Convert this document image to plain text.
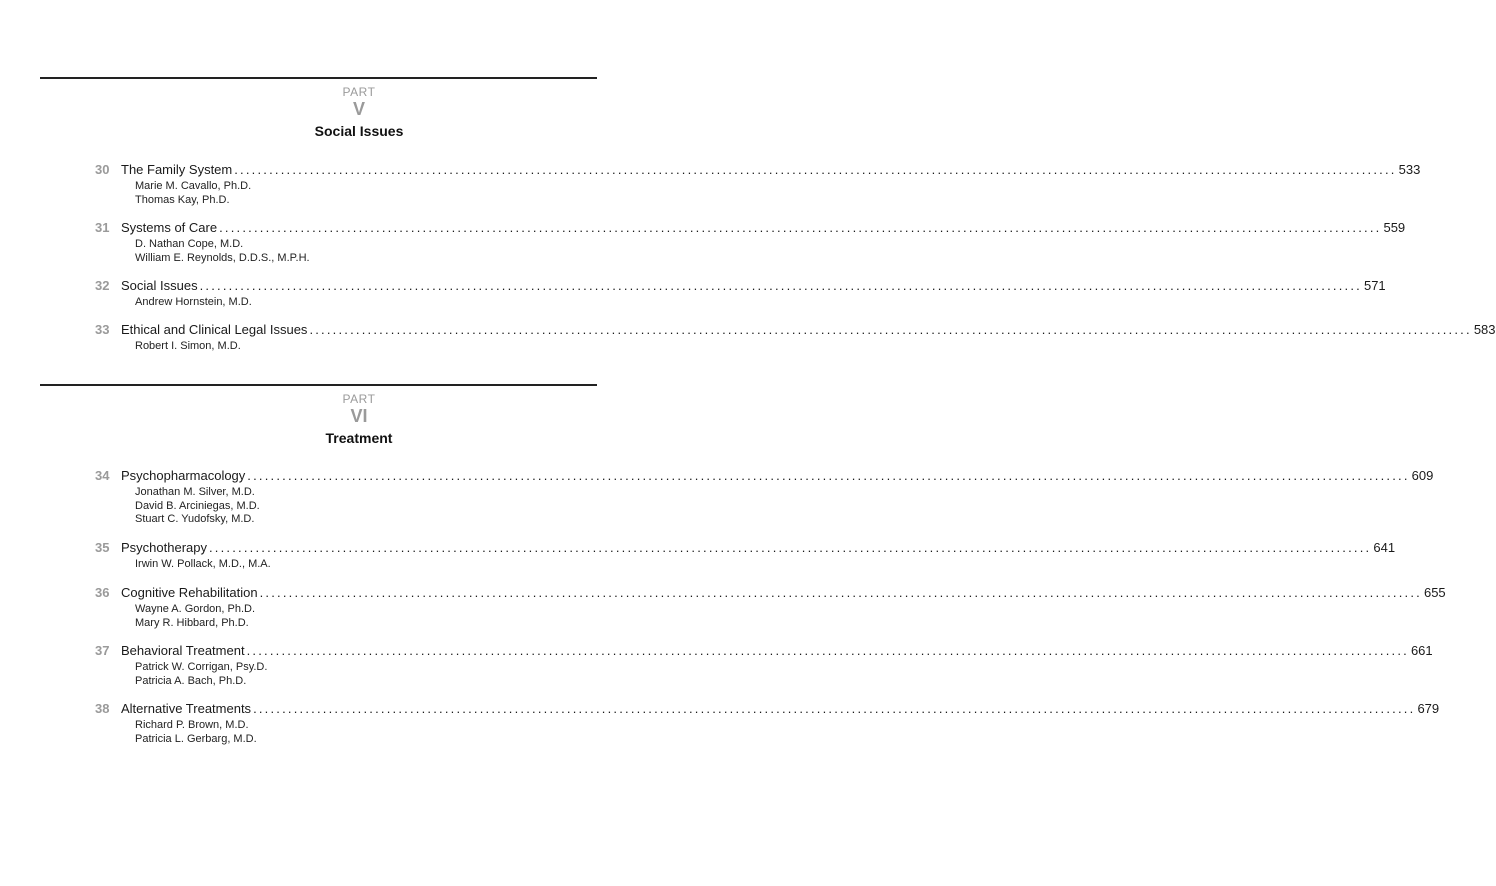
PART
V
Social Issues
30 The Family System ........................................................................................................................................................................................................ 533
Marie M. Cavallo, Ph.D.
Thomas Kay, Ph.D.
31 Systems of Care ........................................................................................................................................................................................................ 559
D. Nathan Cope, M.D.
William E. Reynolds, D.D.S., M.P.H.
32 Social Issues ........................................................................................................................................................................................................ 571
Andrew Hornstein, M.D.
33 Ethical and Clinical Legal Issues ........................................................................................................................................................................................................ 583
Robert I. Simon, M.D.
PART
VI
Treatment
34 Psychopharmacology ........................................................................................................................................................................................................ 609
Jonathan M. Silver, M.D.
David B. Arciniegas, M.D.
Stuart C. Yudofsky, M.D.
35 Psychotherapy ........................................................................................................................................................................................................ 641
Irwin W. Pollack, M.D., M.A.
36 Cognitive Rehabilitation ........................................................................................................................................................................................................ 655
Wayne A. Gordon, Ph.D.
Mary R. Hibbard, Ph.D.
37 Behavioral Treatment ........................................................................................................................................................................................................ 661
Patrick W. Corrigan, Psy.D.
Patricia A. Bach, Ph.D.
38 Alternative Treatments ........................................................................................................................................................................................................ 679
Richard P. Brown, M.D.
Patricia L. Gerbarg, M.D.
